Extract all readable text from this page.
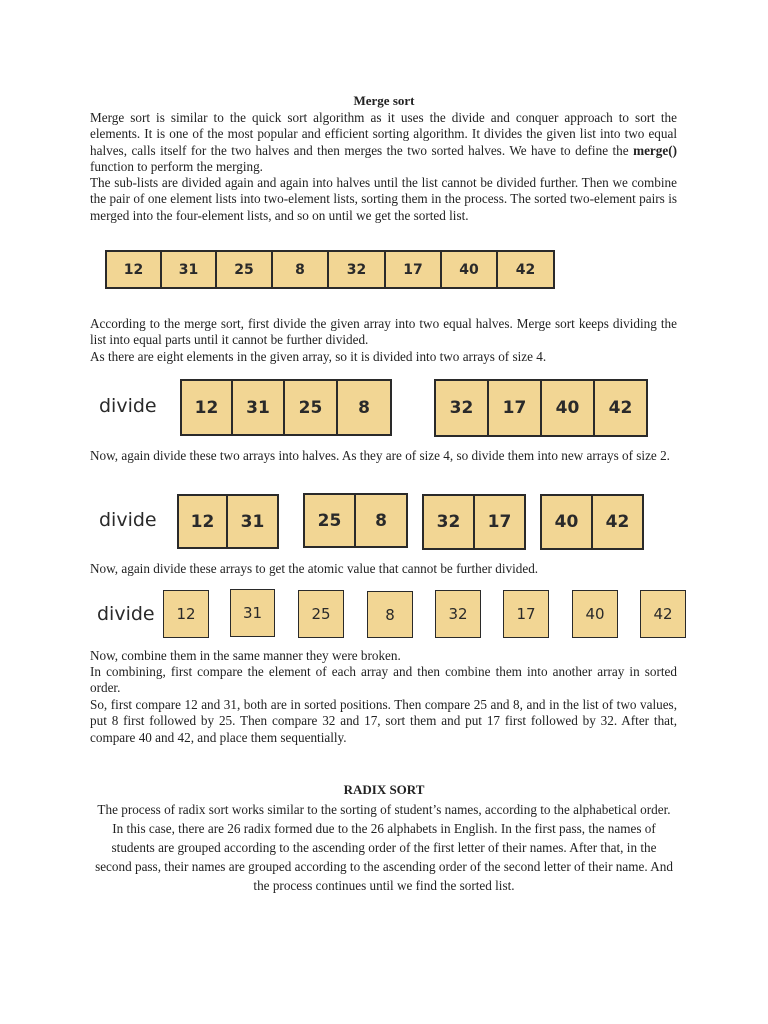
Merge sort

Merge sort is similar to the quick sort algorithm as it uses the divide and conquer approach to sort the elements. It is one of the most popular and efficient sorting algorithm. It divides the given list into two equal halves, calls itself for the two halves and then merges the two sorted halves. We have to define the merge() function to perform the merging.

The sub-lists are divided again and again into halves until the list cannot be divided further. Then we combine the pair of one element lists into two-element lists, sorting them in the process. The sorted two-element pairs is merged into the four-element lists, and so on until we get the sorted list.

12	31	25	8	32	17	40	42

According to the merge sort, first divide the given array into two equal halves. Merge sort keeps dividing the list into equal parts until it cannot be further divided.

As there are eight elements in the given array, so it is divided into two arrays of size 4.

divide	12	31	25	8	32	17	40	42

Now, again divide these two arrays into halves. As they are of size 4, so divide them into new arrays of size 2.

divide	12	31	25	8	32	17	40	42

Now, again divide these arrays to get the atomic value that cannot be further divided.

divide	12	31	25	8	32	17	40	42

Now, combine them in the same manner they were broken.

In combining, first compare the element of each array and then combine them into another array in sorted order.

So, first compare 12 and 31, both are in sorted positions. Then compare 25 and 8, and in the list of two values, put 8 first followed by 25. Then compare 32 and 17, sort them and put 17 first followed by 32. After that, compare 40 and 42, and place them sequentially.

RADIX SORT

The process of radix sort works similar to the sorting of student’s names, according to the alphabetical order. In this case, there are 26 radix formed due to the 26 alphabets in English. In the first pass, the names of students are grouped according to the ascending order of the first letter of their names. After that, in the second pass, their names are grouped according to the ascending order of the second letter of their name. And the process continues until we find the sorted list.
